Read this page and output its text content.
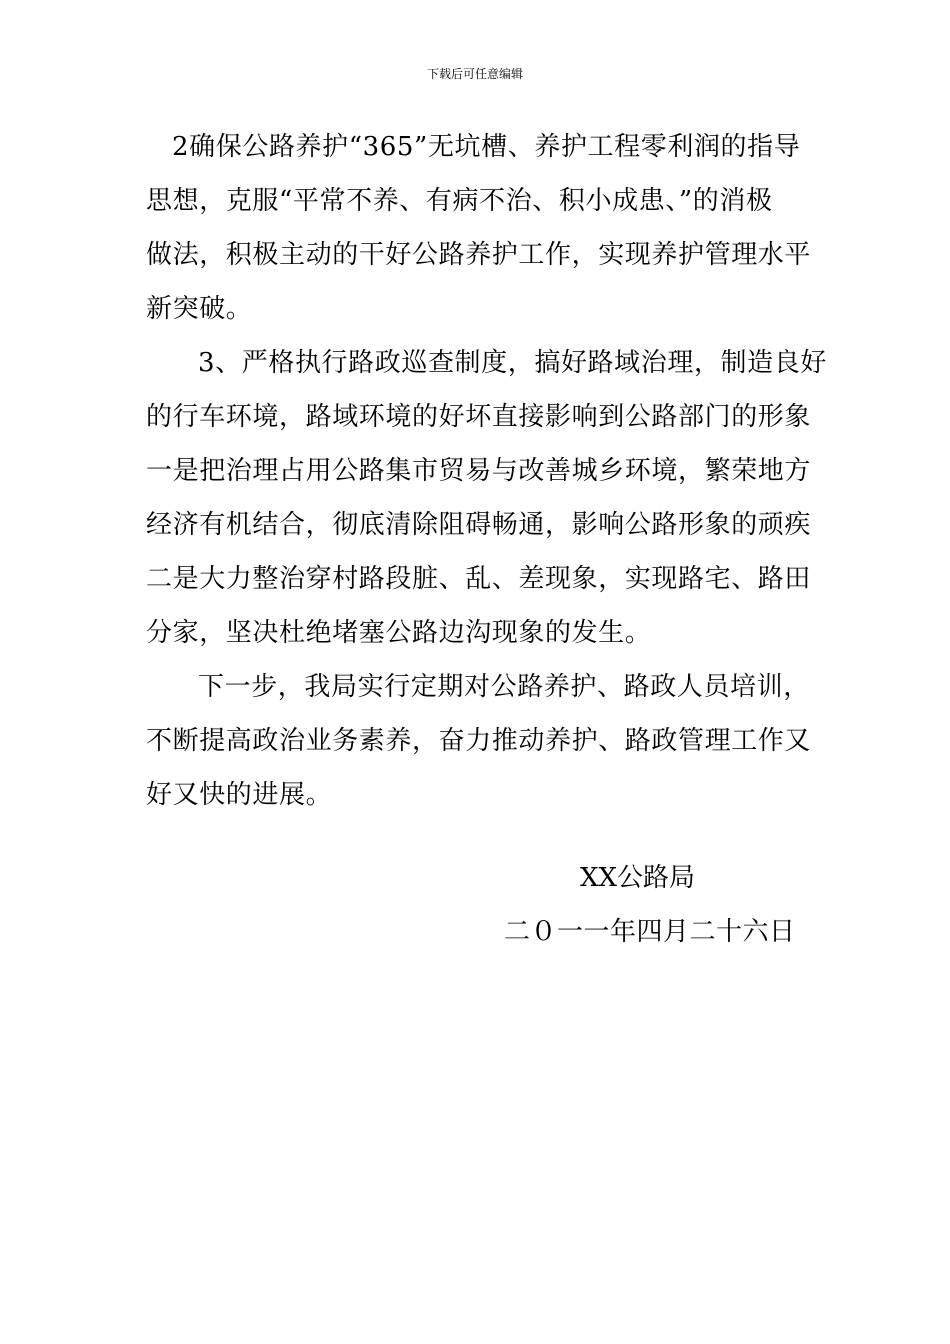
下载后可任意编辑
2确保公路养护“365”无坑槽、养护工程零利润的指导
思想，克服“平常不养、有病不治、积小成患、”的消极
做法，积极主动的干好公路养护工作，实现养护管理水平
新突破。
3、严格执行路政巡查制度，搞好路域治理，制造良好
的行车环境，路域环境的好坏直接影响到公路部门的形象
一是把治理占用公路集市贸易与改善城乡环境，繁荣地方
经济有机结合，彻底清除阻碍畅通，影响公路形象的顽疾
二是大力整治穿村路段脏、乱、差现象，实现路宅、路田
分家，坚决杜绝堵塞公路边沟现象的发生。
下一步，我局实行定期对公路养护、路政人员培训，
不断提高政治业务素养，奋力推动养护、路政管理工作又
好又快的进展。
XX公路局
二０一一年四月二十六日
